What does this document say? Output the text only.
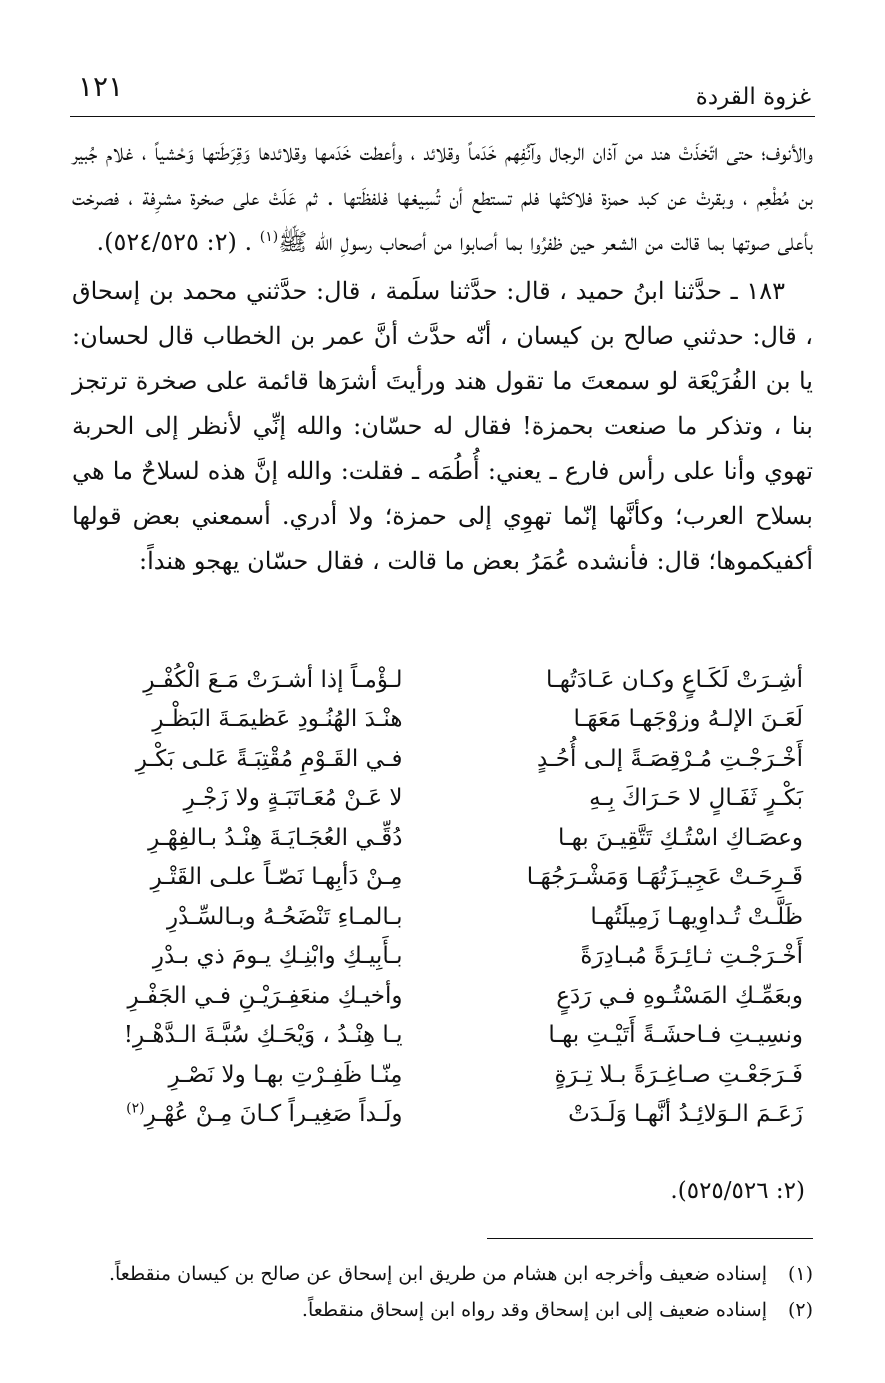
غزوة القردة
١٢١

والأنوف؛ حتى اتّخذَتْ هند من آذان الرجال وآنُفِهم خَدَماً وقلائد ، وأعطت خَدَمها وقلائدها وَقِرَطَتها وَحْشياً ، غلام جُبير بن مُطْعِم ، وبقرتْ عن كبد حمزة فلاكتْها فلم تستطع أن تُسِيغها فلفظَتها . ثم عَلَتْ على صخرة مشرِفة ، فصرخت بأعلى صوتها بما قالت من الشعر حين ظفرُوا بما أصابوا من أصحاب رسولِ الله ﷺ$^{(١)}$ . (٢: ٥٢٤/٥٢٥).

١٨٣ ـ حدَّثنا ابنُ حميد ، قال: حدَّثنا سلَمة ، قال: حدَّثني محمد بن إسحاق ، قال: حدثني صالح بن كيسان ، أنّه حدَّث أنَّ عمر بن الخطاب قال لحسان: يا بن الفُرَيْعَة لو سمعتَ ما تقول هند ورأيتَ أشرَها قائمة على صخرة ترتجز بنا ، وتذكر ما صنعت بحمزة! فقال له حسّان: والله إنِّي لأنظر إلى الحربة تهوي وأنا على رأس فارع ـ يعني: أُطُمَه ـ فقلت: والله إنَّ هذه لسلاحٌ ما هي بسلاح العرب؛ وكأنَّها إنّما تهوِي إلى حمزة؛ ولا أدري. أسمعني بعض قولها أكفيكموها؛ قال: فأنشده عُمَرُ بعض ما قالت ، فقال حسّان يهجو هنداً:

أشِـرَتْ لَكَـاعٍ وكـان عَـادَتُهـا
لـؤْمـاً إذا أشـرَتْ مَـعَ الْكُفْـرِ
لَعَـنَ الإلـهُ وزوْجَهـا مَعَهَـا
هنْـدَ الهُنُـودِ عَظيمَـةَ البَظْـرِ
أَخْـرَجْـتِ مُـرْقِصَـةً إلـى أُحُـدٍ
فـي القَـوْمِ مُقْتِبَـةً عَلـى بَكْـرِ
بَكْـرٍ ثَفَـالٍ لا حَـرَاكَ بِـهِ
لا عَـنْ مُعَـاتَبَـةٍ ولا زَجْـرِ
وعصَـاكِ اسْتُـكِ تَتَّقِيـنَ بهـا
دُقِّـي العُجَـايَـةَ هِنْـدُ بـالفِهْـرِ
قَـرِحَـتْ عَجِيـزَتُهَـا وَمَشْـرَجُهَـا
مِـنْ دَأبِهـا نَصّـاً علـى القَتْـرِ
ظَلَّـتْ تُـداوِيهـا زَمِيلَتُهـا
بـالمـاءِ تَنْضَحُـهُ وبـالسِّـدْرِ
أَخْـرَجْـتِ ثـائِـرَةً مُبـادِرَةً
بـأَبِيـكِ وابْنِـكِ يـومَ ذي بـدْرِ
وبعَمِّـكِ المَسْتُـوهِ فـي رَدَعٍ
وأخيـكِ منعَفِـرَيْـنِ فـي الجَفْـرِ
ونسِيـتِ فـاحشَـةً أَتَيْـتِ بهـا
يـا هِنْـدُ ، وَيْحَـكِ سُبَّـةَ الـدَّهْـرِ!
فَـرَجَعْـتِ صـاغِـرَةً بـلا تِـرَةٍ
مِنّـا ظَفِـرْتِ بهـا ولا نَصْـرِ
زَعَـمَ الـوَلائِـدُ أنَّهـا وَلَـدَتْ
ولَـداً صَغِيـراً كـانَ مِـنْ عُهْـرِ$^{(٢)}$
(٢: ٥٢٥/٥٢٦).
(١)
إسناده ضعيف وأخرجه ابن هشام من طريق ابن إسحاق عن صالح بن كيسان منقطعاً.
(٢)
إسناده ضعيف إلى ابن إسحاق وقد رواه ابن إسحاق منقطعاً.
